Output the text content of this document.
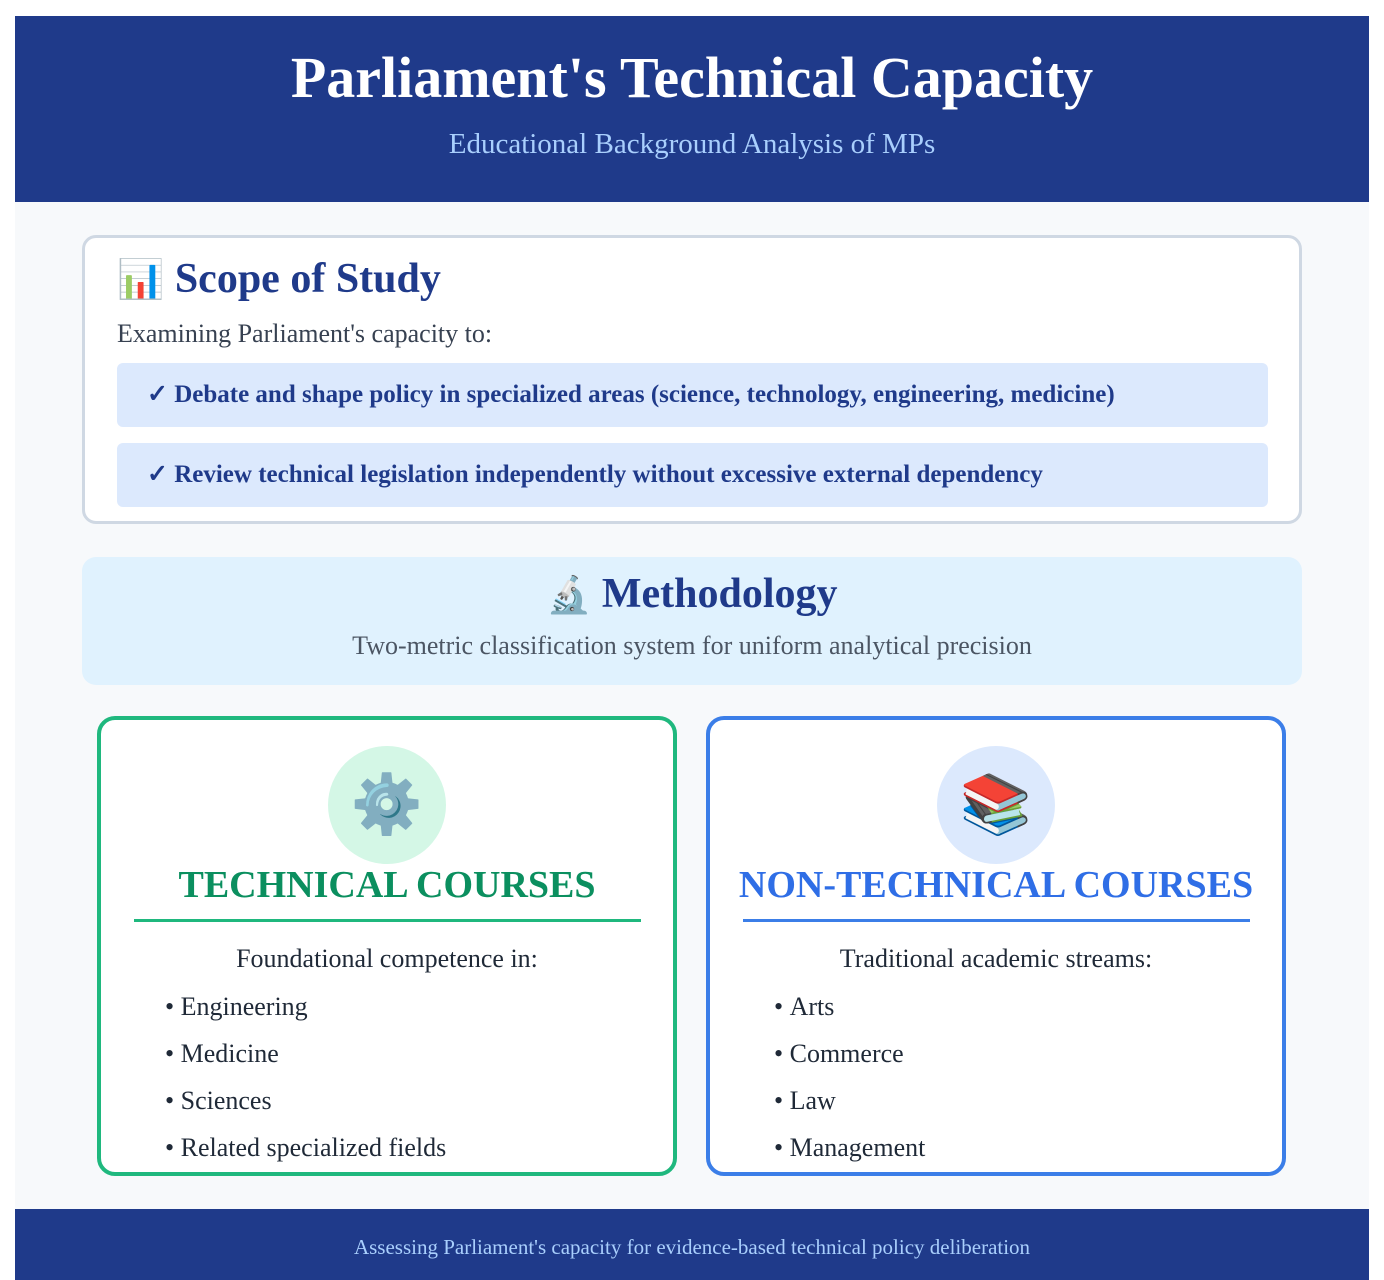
Parliament's Technical Capacity
Educational Background Analysis of MPs
📊 Scope of Study
Examining Parliament's capacity to:
✓ Debate and shape policy in specialized areas (science, technology, engineering, medicine)
✓ Review technical legislation independently without excessive external dependency
🔬 Methodology
Two-metric classification system for uniform analytical precision
⚙️
TECHNICAL COURSES
Foundational competence in:
• Engineering
• Medicine
• Sciences
• Related specialized fields
📚
NON-TECHNICAL COURSES
Traditional academic streams:
• Arts
• Commerce
• Law
• Management
Assessing Parliament's capacity for evidence-based technical policy deliberation
